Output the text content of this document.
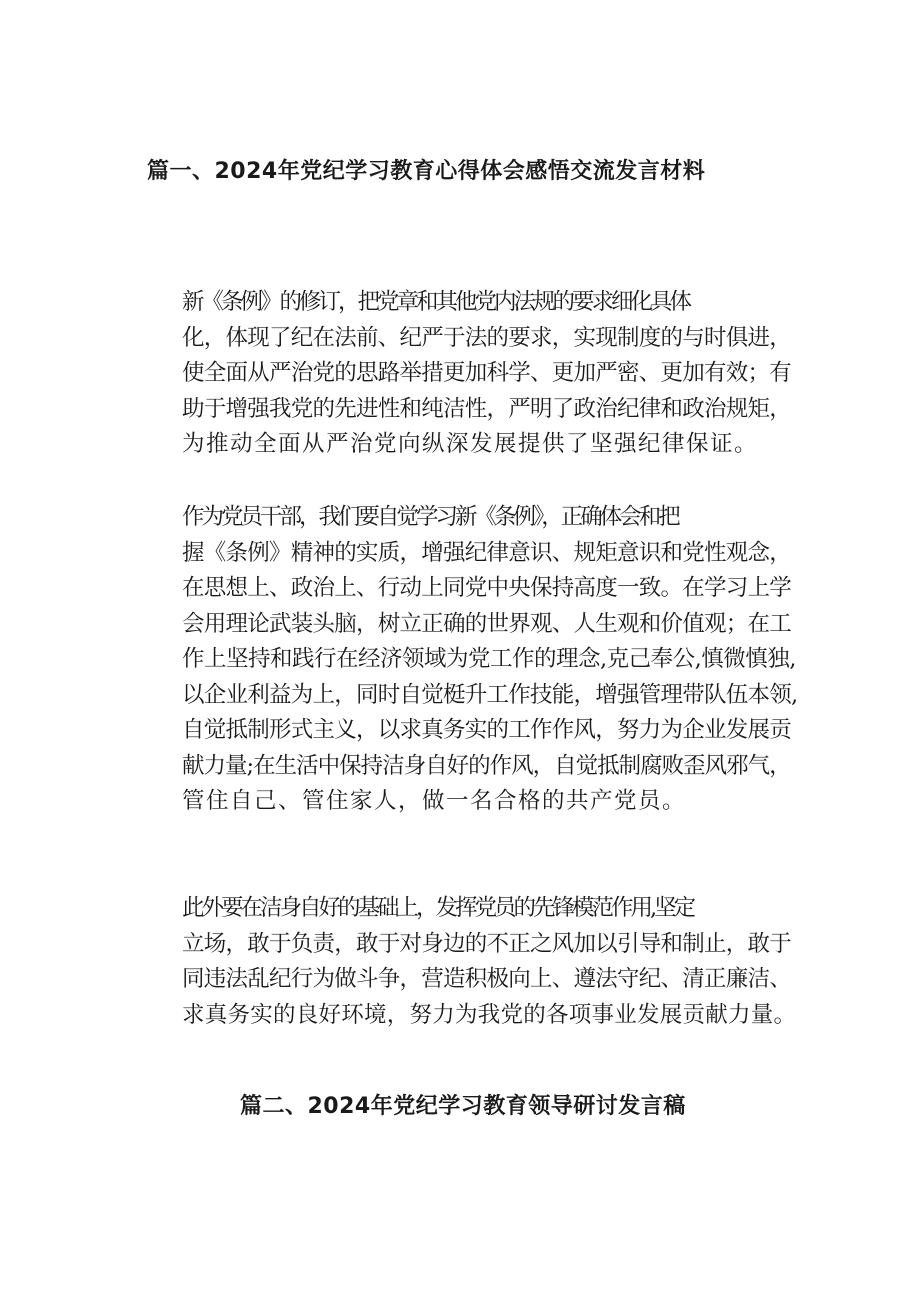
篇一、2024年党纪学习教育心得体会感悟交流发言材料

新《条例》的修订，把党章和其他党内法规的要求细化具体
化，体现了纪在法前、纪严于法的要求，实现制度的与时俱进，
使全面从严治党的思路举措更加科学、更加严密、更加有效；有
助于增强我党的先进性和纯洁性，严明了政治纪律和政治规矩，
为推动全面从严治党向纵深发展提供了坚强纪律保证。

作为党员干部，我们要自觉学习新《条例》，正确体会和把
握《条例》精神的实质，增强纪律意识、规矩意识和党性观念，
在思想上、政治上、行动上同党中央保持高度一致。在学习上学
会用理论武装头脑，树立正确的世界观、人生观和价值观；在工
作上坚持和践行在经济领域为党工作的理念,克己奉公,慎微慎独,
以企业利益为上，同时自觉梃升工作技能，增强管理带队伍本领,
自觉抵制形式主义，以求真务实的工作作风，努力为企业发展贡
献力量;在生活中保持洁身自好的作风，自觉抵制腐败歪风邪气，
管住自己、管住家人，做一名合格的共产党员。

此外要在洁身自好的基础上，发挥党员的先锋模范作用,坚定
立场，敢于负责，敢于对身边的不正之风加以引导和制止，敢于
同违法乱纪行为做斗争，营造积极向上、遵法守纪、清正廉洁、
求真务实的良好环境，努力为我党的各项事业发展贡献力量。

篇二、2024年党纪学习教育领导研讨发言稿
